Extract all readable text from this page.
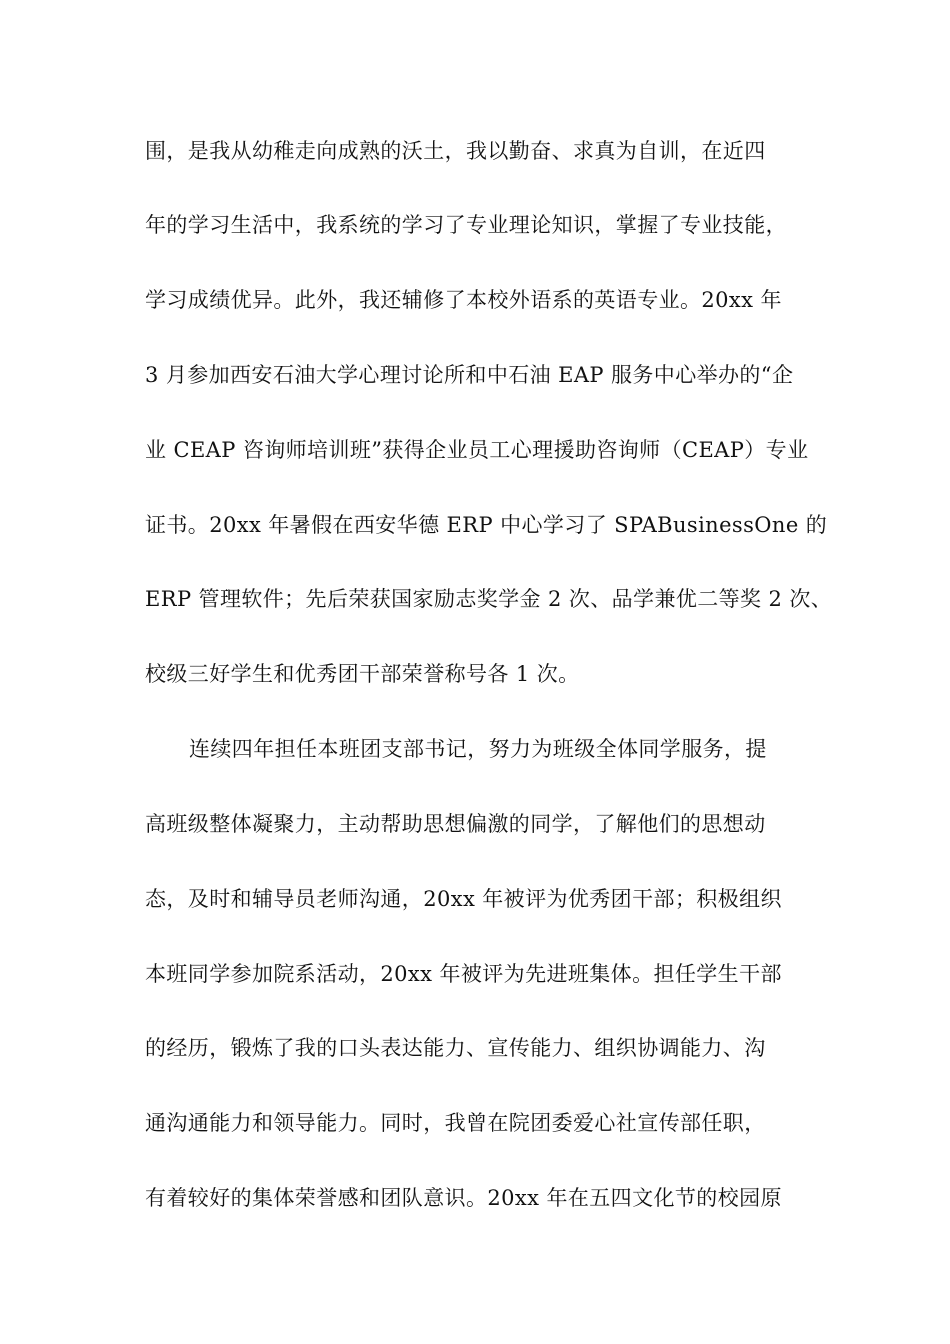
围，是我从幼稚走向成熟的沃土，我以勤奋、求真为自训，在近四
年的学习生活中，我系统的学习了专业理论知识，掌握了专业技能，
学习成绩优异。此外，我还辅修了本校外语系的英语专业。20xx 年
3 月参加西安石油大学心理讨论所和中石油 EAP 服务中心举办的“企
业 CEAP 咨询师培训班”获得企业员工心理援助咨询师（CEAP）专业
证书。20xx 年暑假在西安华德 ERP 中心学习了 SPABusinessOne 的
ERP 管理软件；先后荣获国家励志奖学金 2 次、品学兼优二等奖 2 次、
校级三好学生和优秀团干部荣誉称号各 1 次。
连续四年担任本班团支部书记，努力为班级全体同学服务，提
高班级整体凝聚力，主动帮助思想偏激的同学，了解他们的思想动
态，及时和辅导员老师沟通，20xx 年被评为优秀团干部；积极组织
本班同学参加院系活动，20xx 年被评为先进班集体。担任学生干部
的经历，锻炼了我的口头表达能力、宣传能力、组织协调能力、沟
通沟通能力和领导能力。同时，我曾在院团委爱心社宣传部任职，
有着较好的集体荣誉感和团队意识。20xx 年在五四文化节的校园原
